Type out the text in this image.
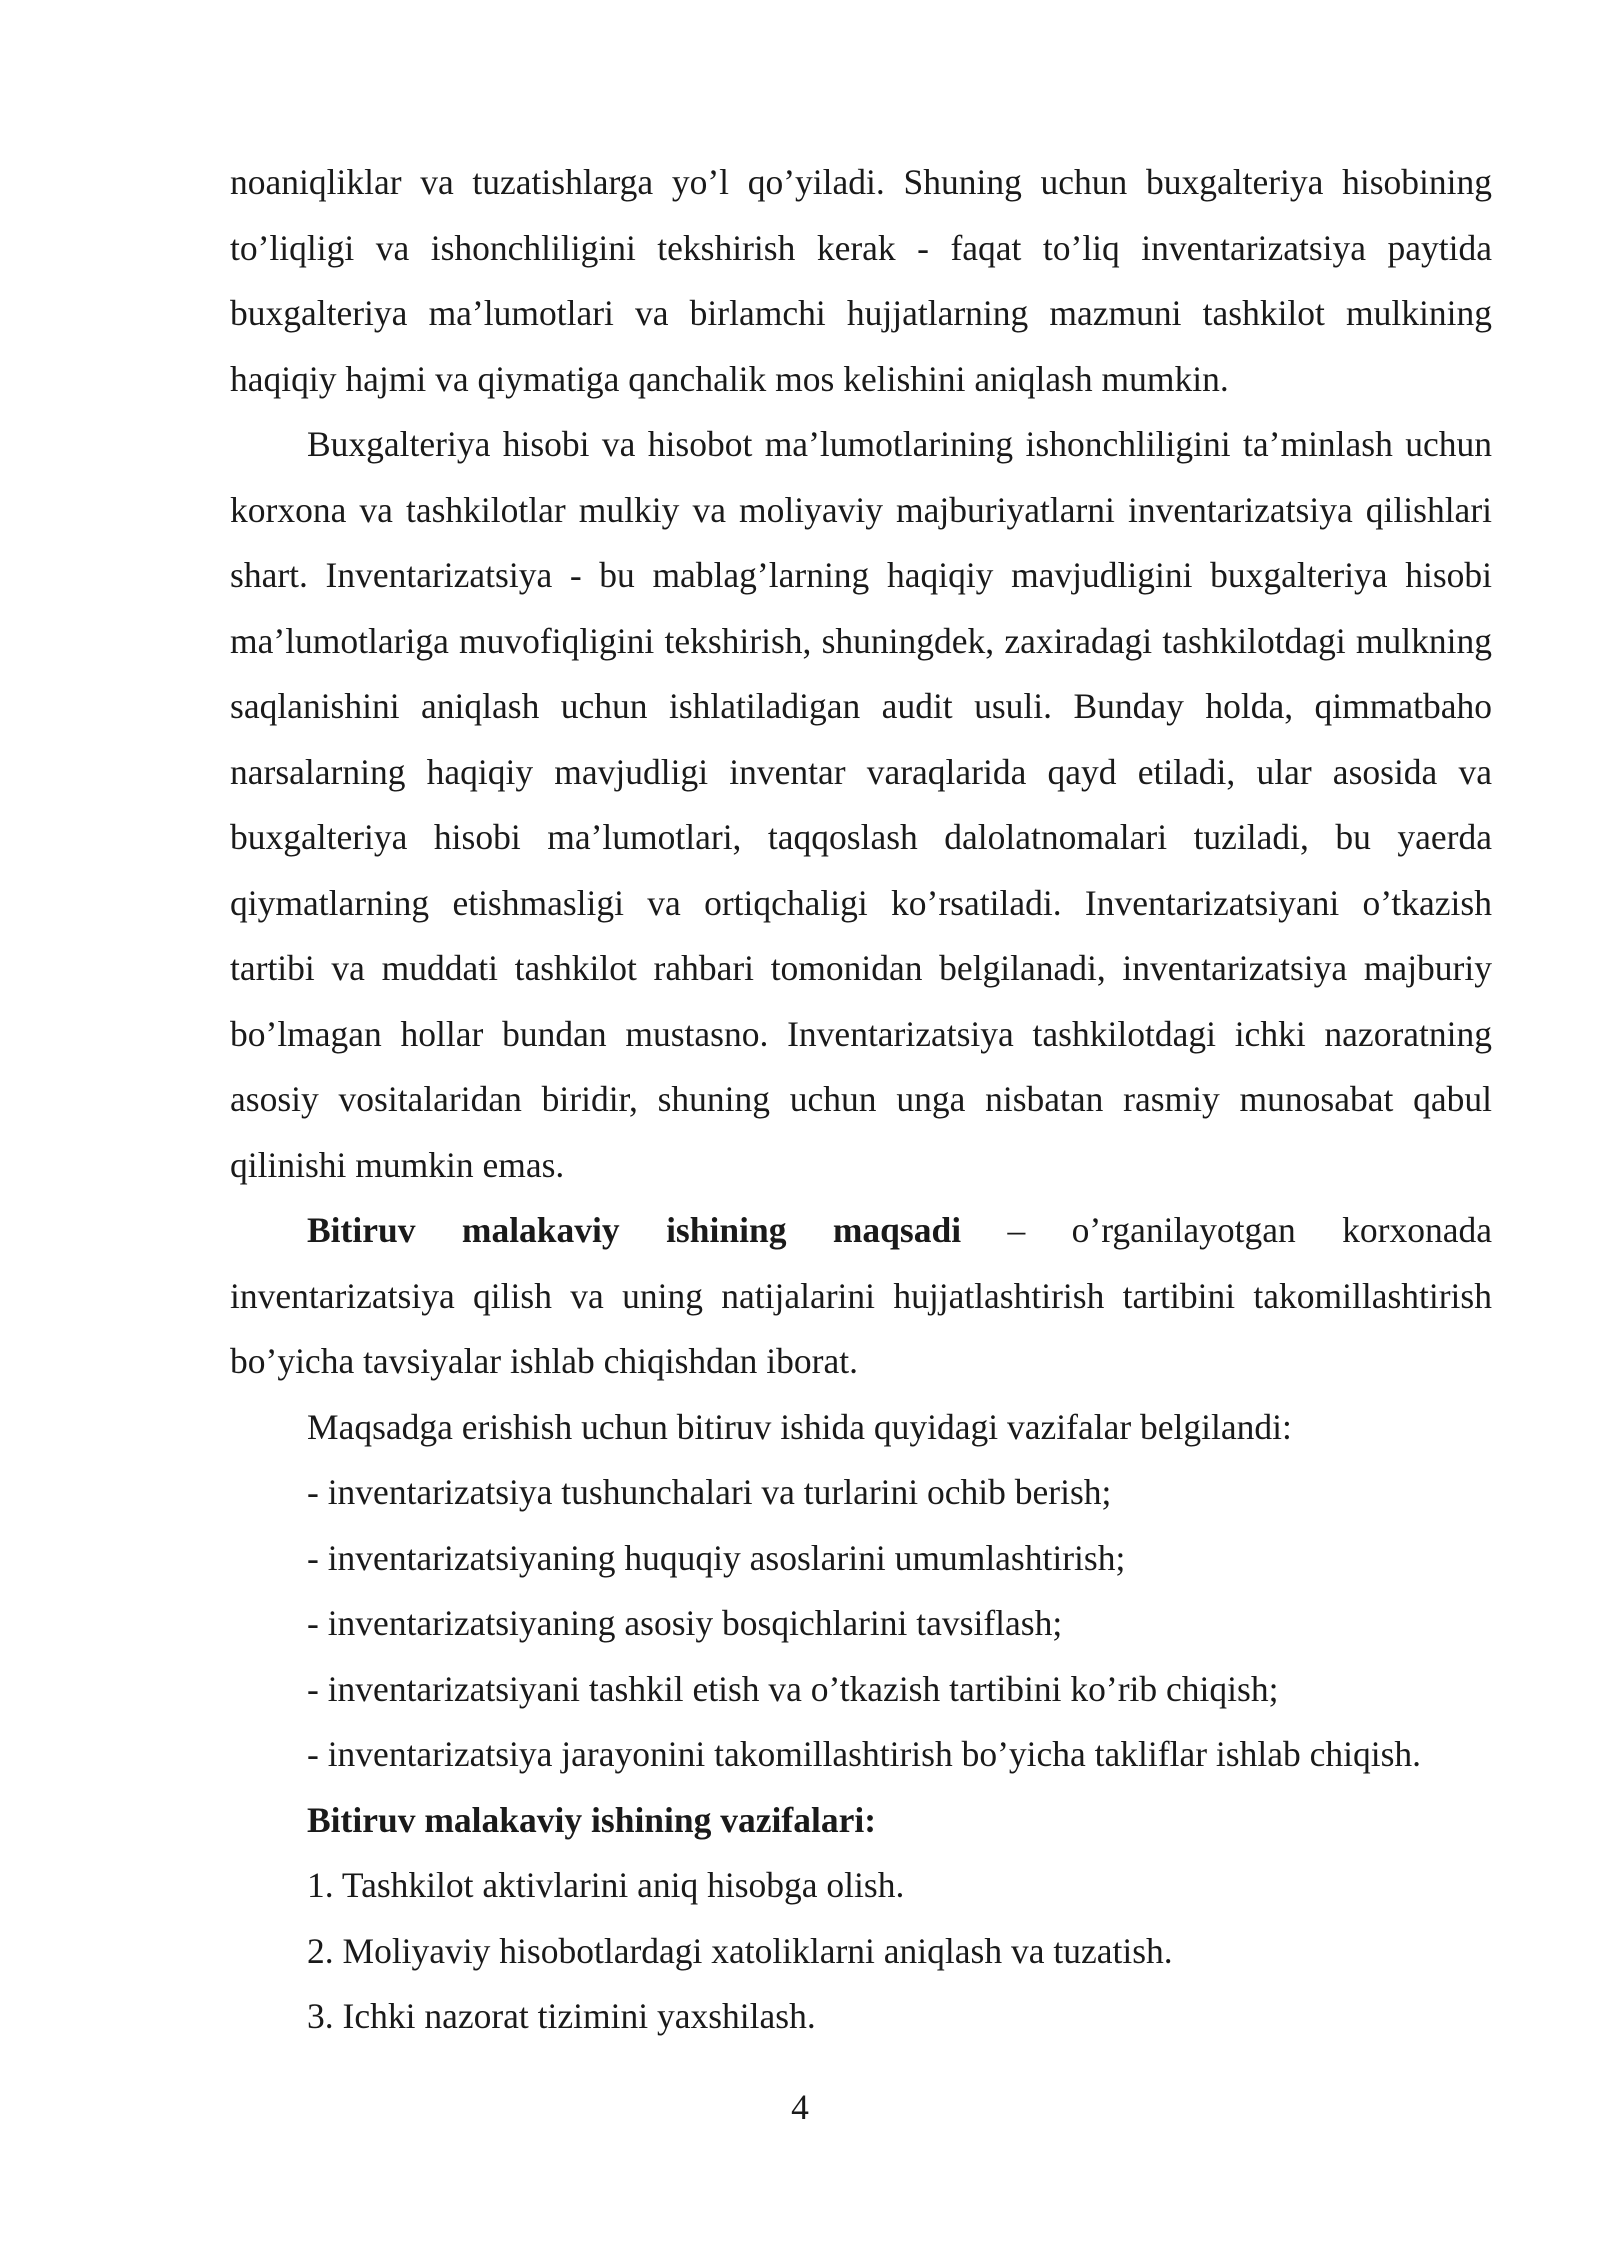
noaniqliklar va tuzatishlarga yo’l qo’yiladi. Shuning uchun buxgalteriya hisobining to’liqligi va ishonchliligini tekshirish kerak - faqat to’liq inventarizatsiya paytida buxgalteriya ma’lumotlari va birlamchi hujjatlarning mazmuni tashkilot mulkining haqiqiy hajmi va qiymatiga qanchalik mos kelishini aniqlash mumkin.

Buxgalteriya hisobi va hisobot ma’lumotlarining ishonchliligini ta’minlash uchun korxona va tashkilotlar mulkiy va moliyaviy majburiyatlarni inventarizatsiya qilishlari shart. Inventarizatsiya - bu mablag’larning haqiqiy mavjudligini buxgalteriya hisobi ma’lumotlariga muvofiqligini tekshirish, shuningdek, zaxiradagi tashkilotdagi mulkning saqlanishini aniqlash uchun ishlatiladigan audit usuli. Bunday holda, qimmatbaho narsalarning haqiqiy mavjudligi inventar varaqlarida qayd etiladi, ular asosida va buxgalteriya hisobi ma’lumotlari, taqqoslash dalolatnomalari tuziladi, bu yaerda qiymatlarning etishmasligi va ortiqchaligi ko’rsatiladi. Inventarizatsiyani o’tkazish tartibi va muddati tashkilot rahbari tomonidan belgilanadi, inventarizatsiya majburiy bo’lmagan hollar bundan mustasno. Inventarizatsiya tashkilotdagi ichki nazoratning asosiy vositalaridan biridir, shuning uchun unga nisbatan rasmiy munosabat qabul qilinishi mumkin emas.

Bitiruv malakaviy ishining maqsadi – o’rganilayotgan korxonada inventarizatsiya qilish va uning natijalarini hujjatlashtirish tartibini takomillashtirish bo’yicha tavsiyalar ishlab chiqishdan iborat.

Maqsadga erishish uchun bitiruv ishida quyidagi vazifalar belgilandi:

- inventarizatsiya tushunchalari va turlarini ochib berish;

- inventarizatsiyaning huquqiy asoslarini umumlashtirish;

- inventarizatsiyaning asosiy bosqichlarini tavsiflash;

- inventarizatsiyani tashkil etish va o’tkazish tartibini ko’rib chiqish;

- inventarizatsiya jarayonini takomillashtirish bo’yicha takliflar ishlab chiqish.

Bitiruv malakaviy ishining vazifalari:

1. Tashkilot aktivlarini aniq hisobga olish.

2. Moliyaviy hisobotlardagi xatoliklarni aniqlash va tuzatish.

3. Ichki nazorat tizimini yaxshilash.

4
